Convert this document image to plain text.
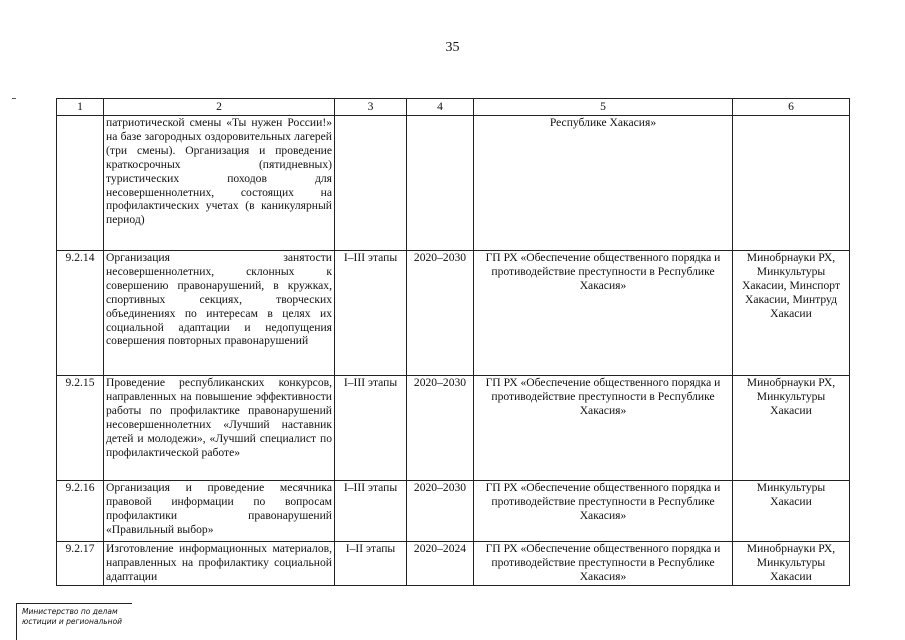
35
1	2	3	4	5	6
	патриотической смены «Ты нужен России!» на базе загородных оздоровительных лагерей (три смены). Организация и проведение краткосрочных (пятидневных) туристических походов для несовершеннолетних, состоящих на профилактических учетах (в каникулярный период)			Республике Хакасия»	
9.2.14	Организация занятости несовершеннолетних, склонных к совершению правонарушений, в кружках, спортивных секциях, творческих объединениях по интересам в целях их социальной адаптации и недопущения совершения повторных правонарушений	I–III этапы	2020–2030	ГП РХ «Обеспечение общественного порядка и противодействие преступности в Республике Хакасия»	Минобрнауки РХ, Минкультуры Хакасии, Минспорт Хакасии, Минтруд Хакасии
9.2.15	Проведение республиканских конкурсов, направленных на повышение эффективности работы по профилактике правонарушений несовершеннолетних «Лучший наставник детей и молодежи», «Лучший специалист по профилактической работе»	I–III этапы	2020–2030	ГП РХ «Обеспечение общественного порядка и противодействие преступности в Республике Хакасия»	Минобрнауки РХ, Минкультуры Хакасии
9.2.16	Организация и проведение месячника правовой информации по вопросам профилактики правонарушений «Правильный выбор»	I–III этапы	2020–2030	ГП РХ «Обеспечение общественного порядка и противодействие преступности в Республике Хакасия»	Минкультуры Хакасии
9.2.17	Изготовление информационных материалов, направленных на профилактику социальной адаптации	I–II этапы	2020–2024	ГП РХ «Обеспечение общественного порядка и противодействие преступности в Республике Хакасия»	Минобрнауки РХ, Минкультуры Хакасии
Министерство по делам
юстиции и региональной
